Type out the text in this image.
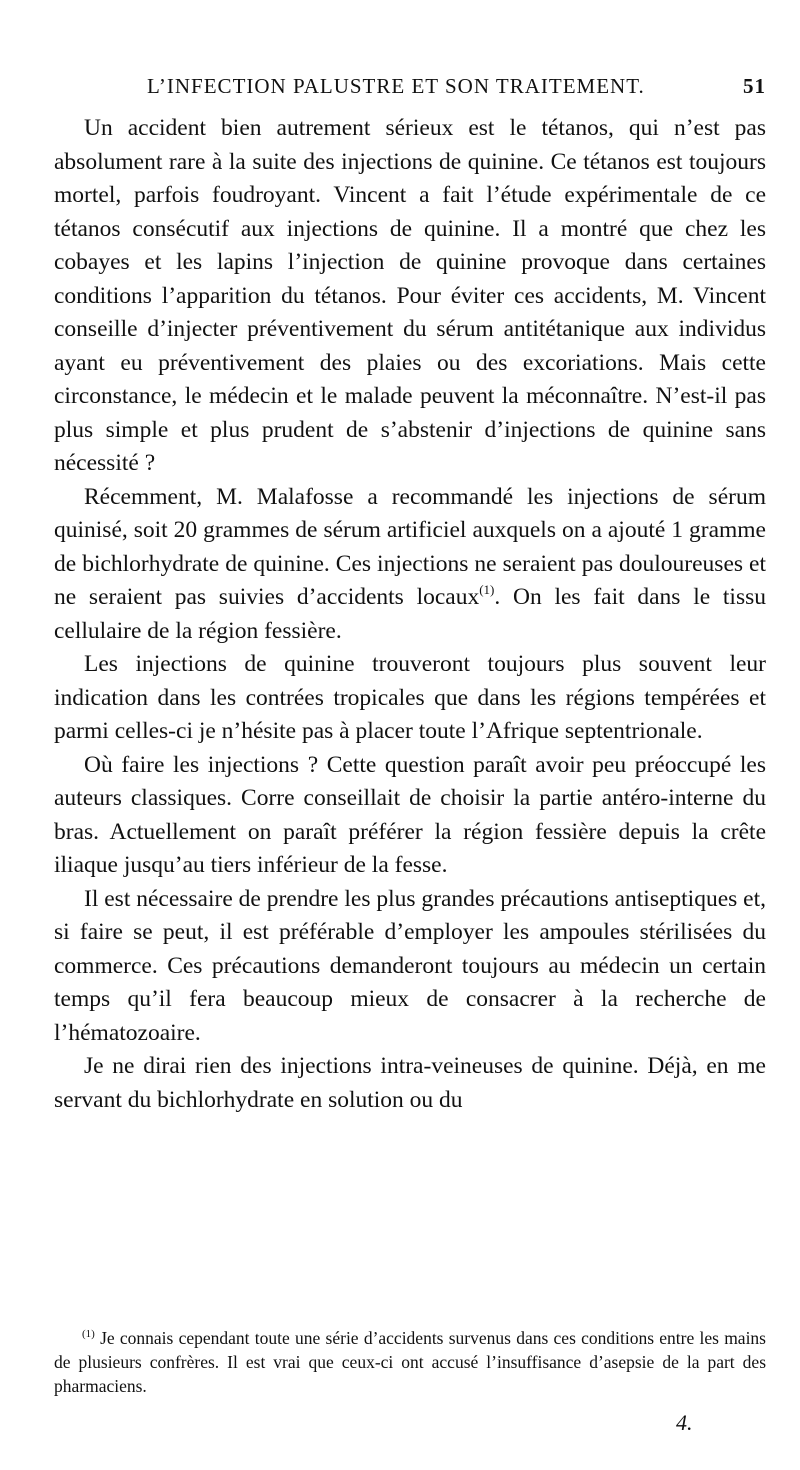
L’INFECTION PALUSTRE ET SON TRAITEMENT.	51

Un accident bien autrement sérieux est le tétanos, qui n’est pas absolument rare à la suite des injections de quinine. Ce tétanos est toujours mortel, parfois foudroyant. Vincent a fait l’étude expérimentale de ce tétanos consécutif aux injections de quinine. Il a montré que chez les cobayes et les lapins l’injection de quinine provoque dans certaines conditions l’apparition du tétanos. Pour éviter ces accidents, M. Vincent conseille d’injecter préventivement du sérum antitétanique aux individus ayant eu préventivement des plaies ou des excoriations. Mais cette circonstance, le médecin et le malade peuvent la méconnaître. N’est-il pas plus simple et plus prudent de s’abstenir d’injections de quinine sans nécessité ?

Récemment, M. Malafosse a recommandé les injections de sérum quinisé, soit 20 grammes de sérum artificiel auxquels on a ajouté 1 gramme de bichlorhydrate de quinine. Ces injections ne seraient pas douloureuses et ne seraient pas suivies d’accidents locaux$^{(1)}$. On les fait dans le tissu cellulaire de la région fessière.

Les injections de quinine trouveront toujours plus souvent leur indication dans les contrées tropicales que dans les régions tempérées et parmi celles-ci je n’hésite pas à placer toute l’Afrique septentrionale.

Où faire les injections ? Cette question paraît avoir peu préoccupé les auteurs classiques. Corre conseillait de choisir la partie antéro-interne du bras. Actuellement on paraît préférer la région fessière depuis la crête iliaque jusqu’au tiers inférieur de la fesse.

Il est nécessaire de prendre les plus grandes précautions antiseptiques et, si faire se peut, il est préférable d’employer les ampoules stérilisées du commerce. Ces précautions demanderont toujours au médecin un certain temps qu’il fera beaucoup mieux de consacrer à la recherche de l’hématozoaire.

Je ne dirai rien des injections intra-veineuses de quinine. Déjà, en me servant du bichlorhydrate en solution ou du

$^{(1)}$ Je connais cependant toute une série d’accidents survenus dans ces conditions entre les mains de plusieurs confrères. Il est vrai que ceux-ci ont accusé l’insuffisance d’asepsie de la part des pharmaciens.

4.
